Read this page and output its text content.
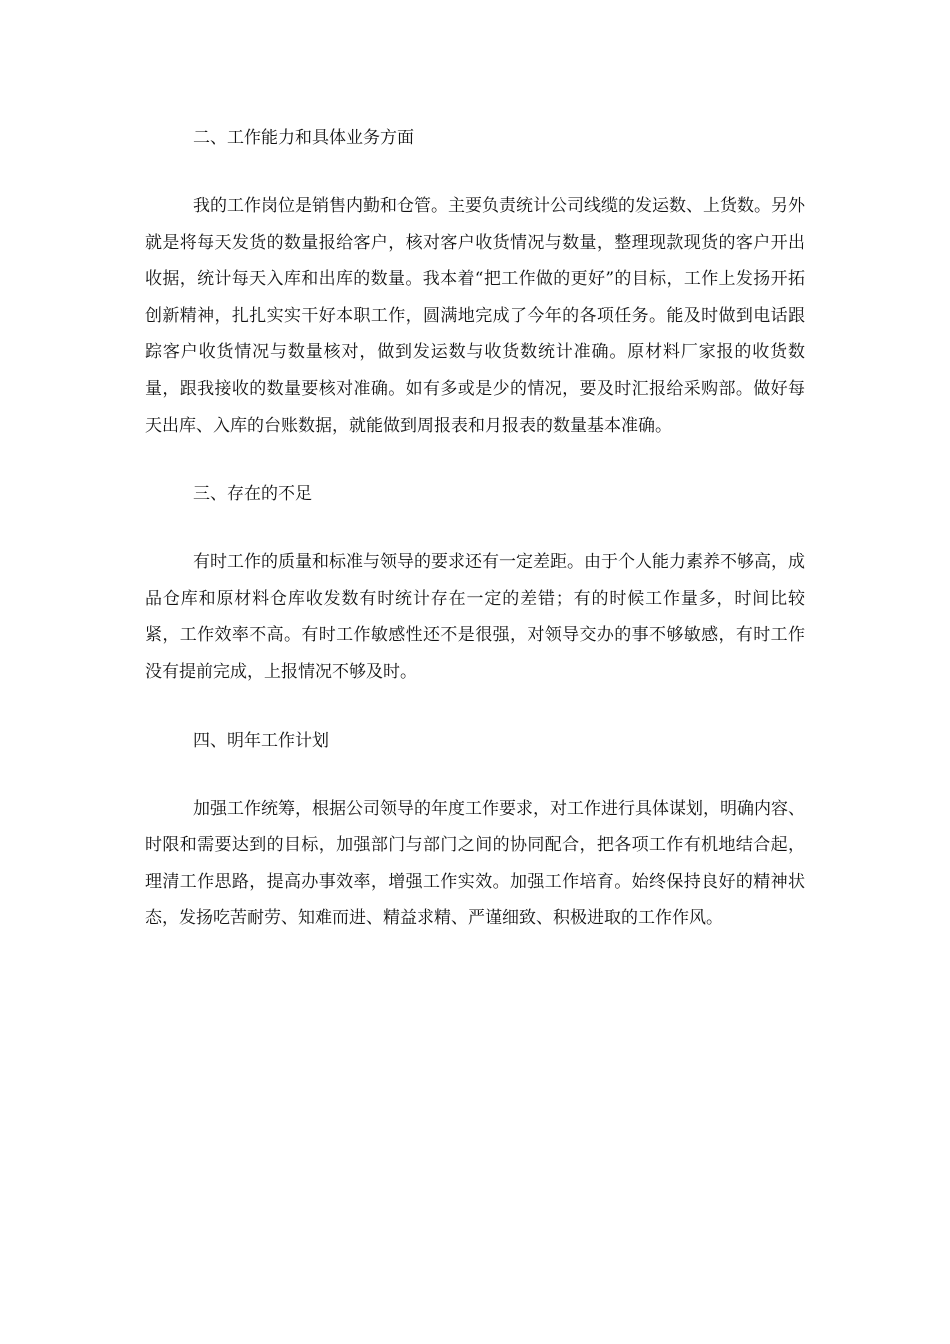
二、工作能力和具体业务方面

我的工作岗位是销售内勤和仓管。主要负责统计公司线缆的发运数、上货数。另外就是将每天发货的数量报给客户，核对客户收货情况与数量，整理现款现货的客户开出收据，统计每天入库和出库的数量。我本着“把工作做的更好”的目标，工作上发扬开拓创新精神，扎扎实实干好本职工作，圆满地完成了今年的各项任务。能及时做到电话跟踪客户收货情况与数量核对，做到发运数与收货数统计准确。原材料厂家报的收货数量，跟我接收的数量要核对准确。如有多或是少的情况，要及时汇报给采购部。做好每天出库、入库的台账数据，就能做到周报表和月报表的数量基本准确。

三、存在的不足

有时工作的质量和标准与领导的要求还有一定差距。由于个人能力素养不够高，成品仓库和原材料仓库收发数有时统计存在一定的差错；有的时候工作量多，时间比较紧，工作效率不高。有时工作敏感性还不是很强，对领导交办的事不够敏感，有时工作没有提前完成，上报情况不够及时。

四、明年工作计划

加强工作统筹，根据公司领导的年度工作要求，对工作进行具体谋划，明确内容、时限和需要达到的目标，加强部门与部门之间的协同配合，把各项工作有机地结合起，理清工作思路，提高办事效率，增强工作实效。加强工作培育。始终保持良好的精神状态，发扬吃苦耐劳、知难而进、精益求精、严谨细致、积极进取的工作作风。
